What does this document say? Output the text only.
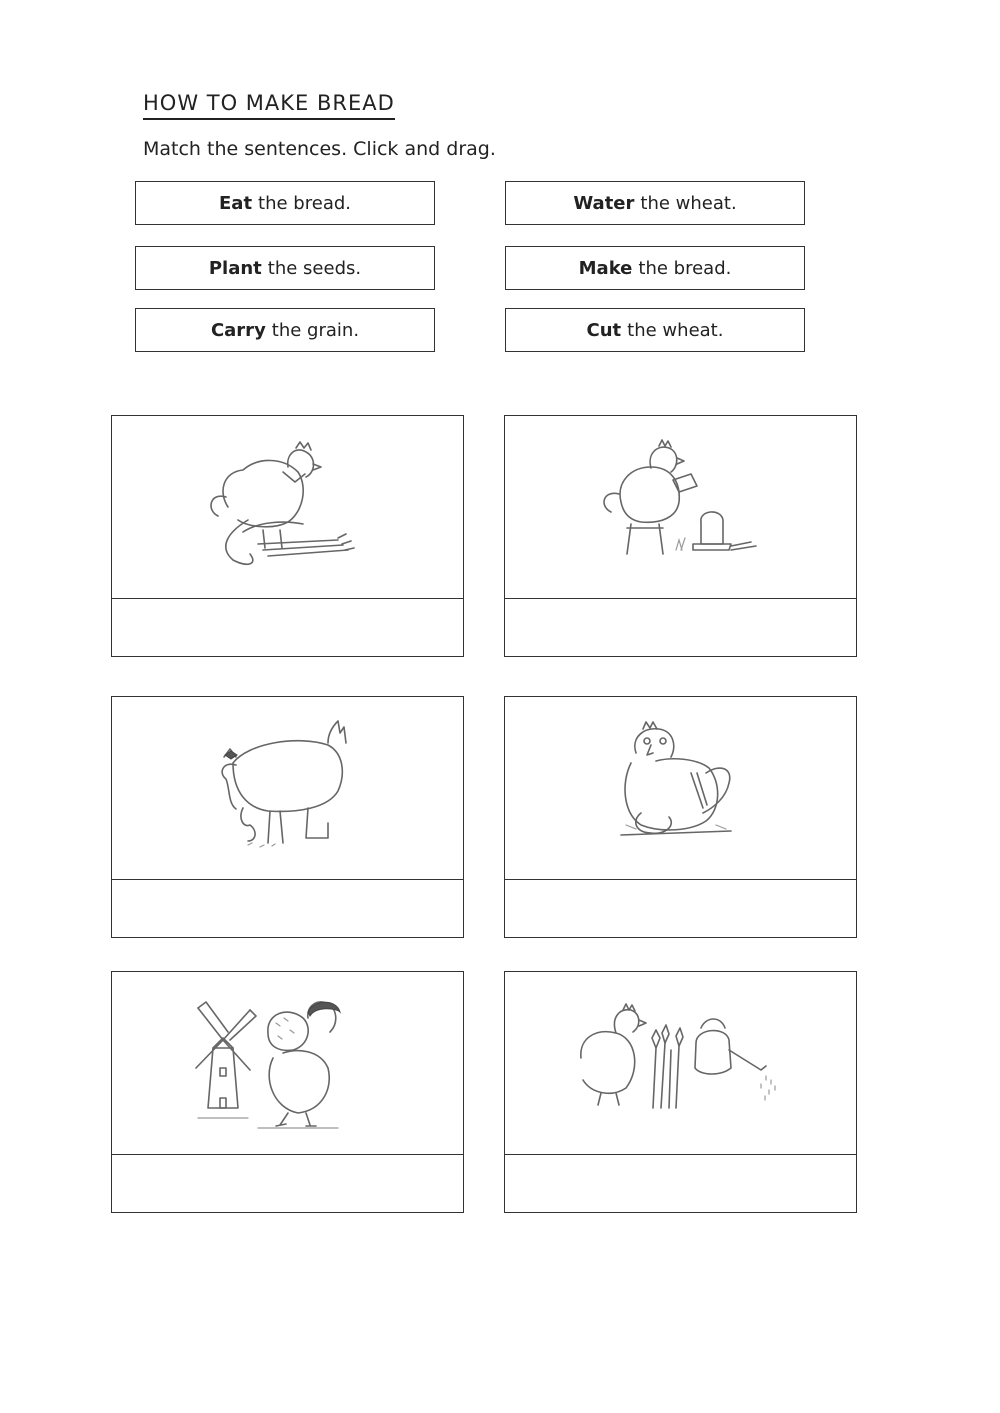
HOW TO MAKE BREAD
Match the sentences. Click and drag.
Eat the bread.	Water the wheat.
Plant the seeds.	Make the bread.
Carry the grain.	Cut the wheat.
